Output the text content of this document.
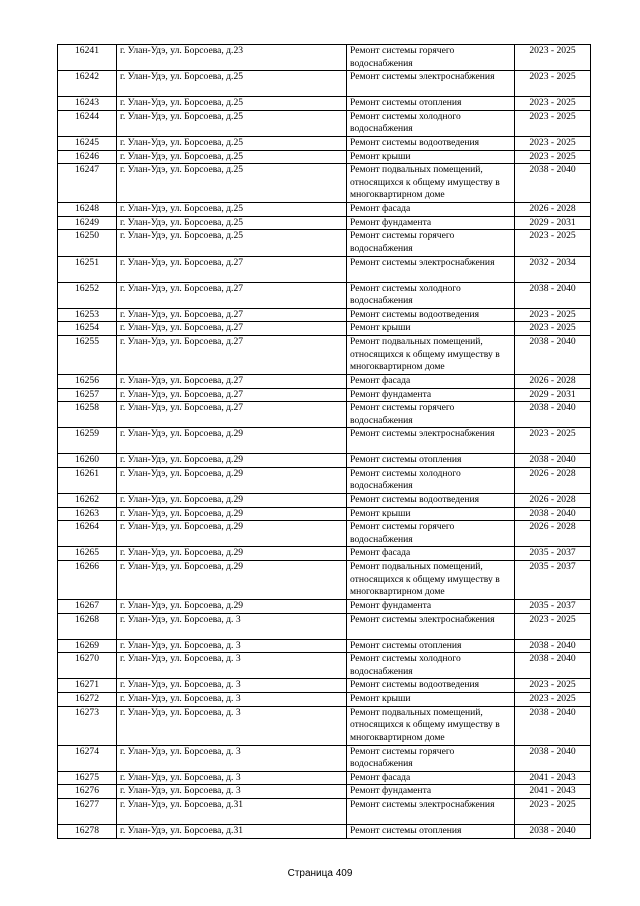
16241	г. Улан-Удэ, ул. Борсоева, д.23	Ремонт системы горячего водоснабжения	2023 - 2025
16242	г. Улан-Удэ, ул. Борсоева, д.25	Ремонт системы электроснабжения	2023 - 2025
16243	г. Улан-Удэ, ул. Борсоева, д.25	Ремонт системы отопления	2023 - 2025
16244	г. Улан-Удэ, ул. Борсоева, д.25	Ремонт системы холодного водоснабжения	2023 - 2025
16245	г. Улан-Удэ, ул. Борсоева, д.25	Ремонт системы водоотведения	2023 - 2025
16246	г. Улан-Удэ, ул. Борсоева, д.25	Ремонт крыши	2023 - 2025
16247	г. Улан-Удэ, ул. Борсоева, д.25	Ремонт подвальных помещений, относящихся к общему имуществу в многоквартирном доме	2038 - 2040
16248	г. Улан-Удэ, ул. Борсоева, д.25	Ремонт фасада	2026 - 2028
16249	г. Улан-Удэ, ул. Борсоева, д.25	Ремонт фундамента	2029 - 2031
16250	г. Улан-Удэ, ул. Борсоева, д.25	Ремонт системы горячего водоснабжения	2023 - 2025
16251	г. Улан-Удэ, ул. Борсоева, д.27	Ремонт системы электроснабжения	2032 - 2034
16252	г. Улан-Удэ, ул. Борсоева, д.27	Ремонт системы холодного водоснабжения	2038 - 2040
16253	г. Улан-Удэ, ул. Борсоева, д.27	Ремонт системы водоотведения	2023 - 2025
16254	г. Улан-Удэ, ул. Борсоева, д.27	Ремонт крыши	2023 - 2025
16255	г. Улан-Удэ, ул. Борсоева, д.27	Ремонт подвальных помещений, относящихся к общему имуществу в многоквартирном доме	2038 - 2040
16256	г. Улан-Удэ, ул. Борсоева, д.27	Ремонт фасада	2026 - 2028
16257	г. Улан-Удэ, ул. Борсоева, д.27	Ремонт фундамента	2029 - 2031
16258	г. Улан-Удэ, ул. Борсоева, д.27	Ремонт системы горячего водоснабжения	2038 - 2040
16259	г. Улан-Удэ, ул. Борсоева, д.29	Ремонт системы электроснабжения	2023 - 2025
16260	г. Улан-Удэ, ул. Борсоева, д.29	Ремонт системы отопления	2038 - 2040
16261	г. Улан-Удэ, ул. Борсоева, д.29	Ремонт системы холодного водоснабжения	2026 - 2028
16262	г. Улан-Удэ, ул. Борсоева, д.29	Ремонт системы водоотведения	2026 - 2028
16263	г. Улан-Удэ, ул. Борсоева, д.29	Ремонт крыши	2038 - 2040
16264	г. Улан-Удэ, ул. Борсоева, д.29	Ремонт системы горячего водоснабжения	2026 - 2028
16265	г. Улан-Удэ, ул. Борсоева, д.29	Ремонт фасада	2035 - 2037
16266	г. Улан-Удэ, ул. Борсоева, д.29	Ремонт подвальных помещений, относящихся к общему имуществу в многоквартирном доме	2035 - 2037
16267	г. Улан-Удэ, ул. Борсоева, д.29	Ремонт фундамента	2035 - 2037
16268	г. Улан-Удэ, ул. Борсоева, д. 3	Ремонт системы электроснабжения	2023 - 2025
16269	г. Улан-Удэ, ул. Борсоева, д. 3	Ремонт системы отопления	2038 - 2040
16270	г. Улан-Удэ, ул. Борсоева, д. 3	Ремонт системы холодного водоснабжения	2038 - 2040
16271	г. Улан-Удэ, ул. Борсоева, д. 3	Ремонт системы водоотведения	2023 - 2025
16272	г. Улан-Удэ, ул. Борсоева, д. 3	Ремонт крыши	2023 - 2025
16273	г. Улан-Удэ, ул. Борсоева, д. 3	Ремонт подвальных помещений, относящихся к общему имуществу в многоквартирном доме	2038 - 2040
16274	г. Улан-Удэ, ул. Борсоева, д. 3	Ремонт системы горячего водоснабжения	2038 - 2040
16275	г. Улан-Удэ, ул. Борсоева, д. 3	Ремонт фасада	2041 - 2043
16276	г. Улан-Удэ, ул. Борсоева, д. 3	Ремонт фундамента	2041 - 2043
16277	г. Улан-Удэ, ул. Борсоева, д.31	Ремонт системы электроснабжения	2023 - 2025
16278	г. Улан-Удэ, ул. Борсоева, д.31	Ремонт системы отопления	2038 - 2040
Страница 409
